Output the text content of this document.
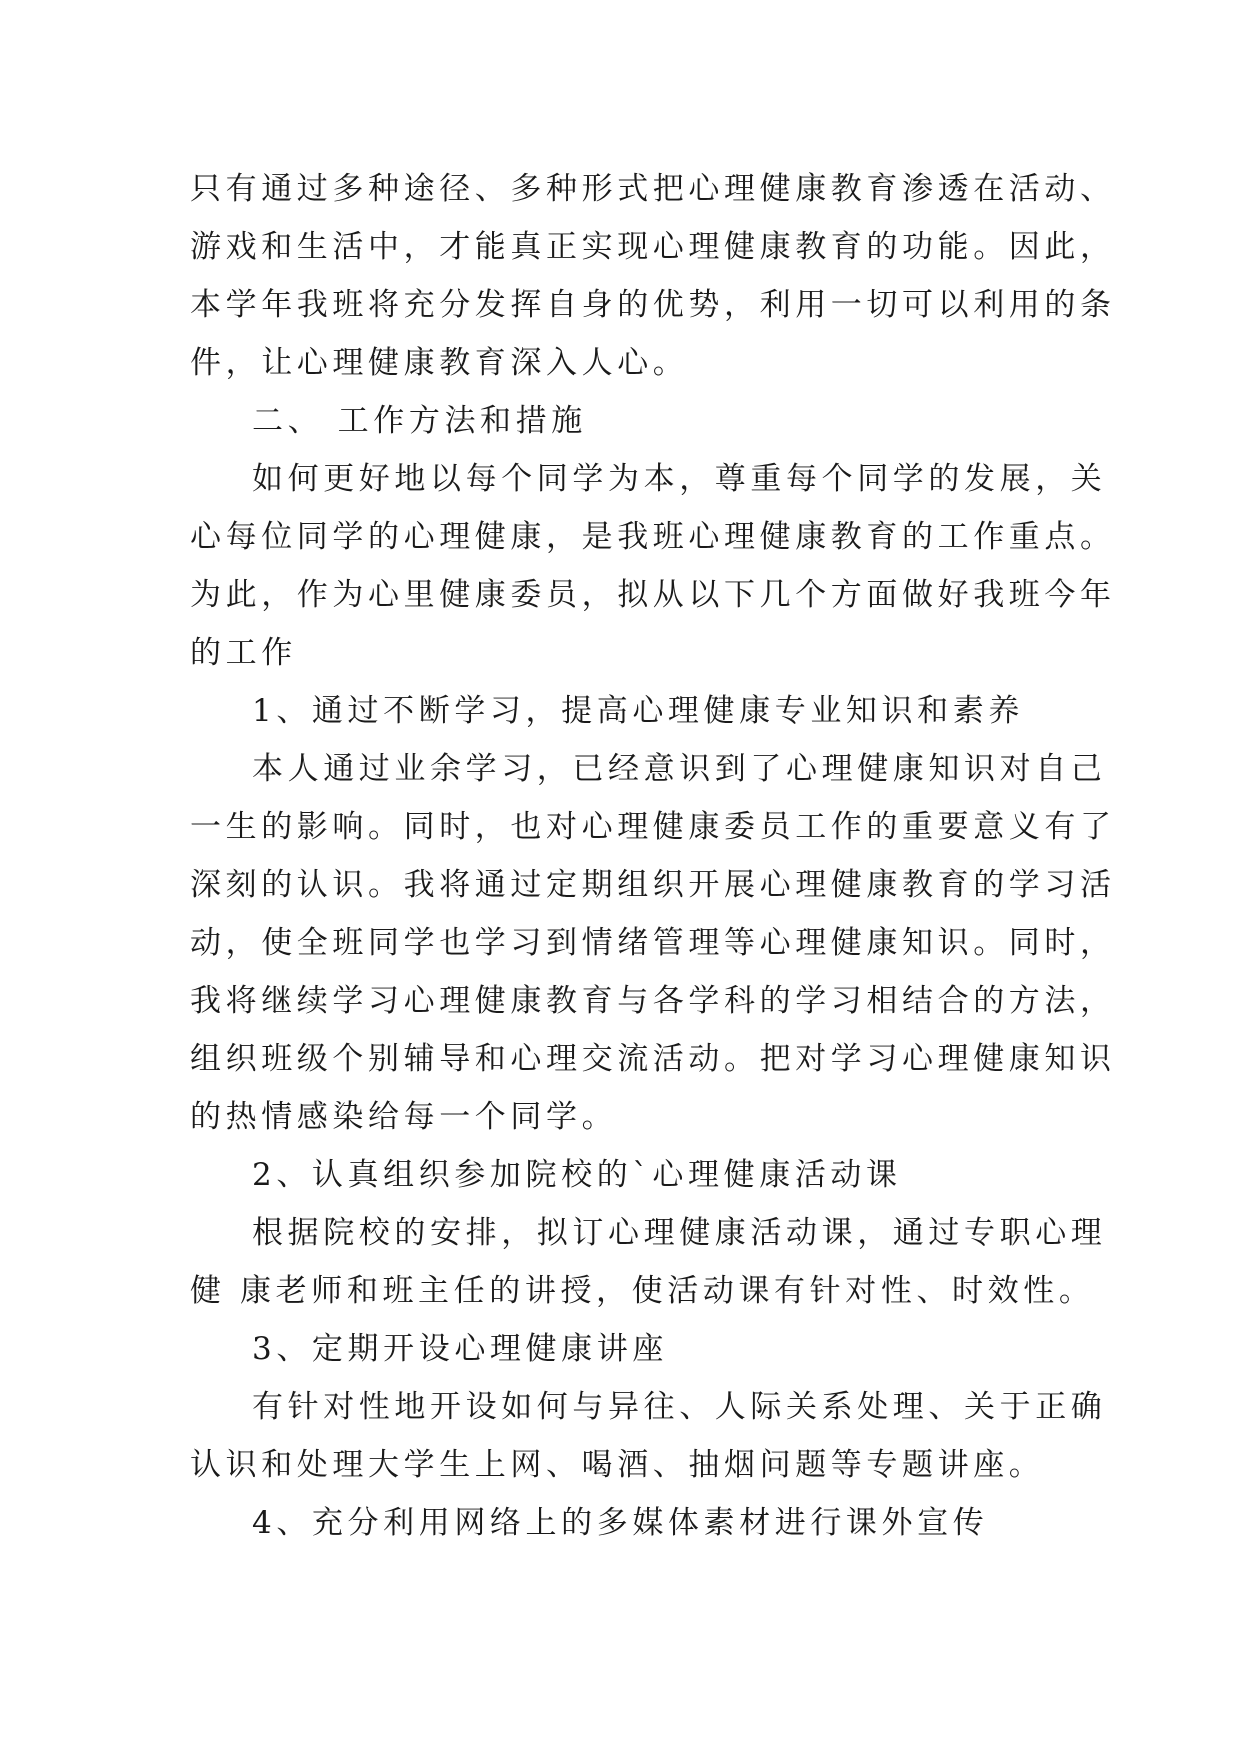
只有通过多种途径、多种形式把心理健康教育渗透在活动、
游戏和生活中，才能真正实现心理健康教育的功能。因此，
本学年我班将充分发挥自身的优势，利用一切可以利用的条
件，让心理健康教育深入人心。
二、 工作方法和措施
如何更好地以每个同学为本，尊重每个同学的发展，关
心每位同学的心理健康，是我班心理健康教育的工作重点。
为此，作为心里健康委员，拟从以下几个方面做好我班今年
的工作
1、通过不断学习，提高心理健康专业知识和素养
本人通过业余学习，已经意识到了心理健康知识对自己
一生的影响。同时，也对心理健康委员工作的重要意义有了
深刻的认识。我将通过定期组织开展心理健康教育的学习活
动，使全班同学也学习到情绪管理等心理健康知识。同时，
我将继续学习心理健康教育与各学科的学习相结合的方法，
组织班级个别辅导和心理交流活动。把对学习心理健康知识
的热情感染给每一个同学。
2、认真组织参加院校的`心理健康活动课
根据院校的安排，拟订心理健康活动课，通过专职心理
健 康老师和班主任的讲授，使活动课有针对性、时效性。
3、定期开设心理健康讲座
有针对性地开设如何与异往、人际关系处理、关于正确
认识和处理大学生上网、喝酒、抽烟问题等专题讲座。
4、充分利用网络上的多媒体素材进行课外宣传
